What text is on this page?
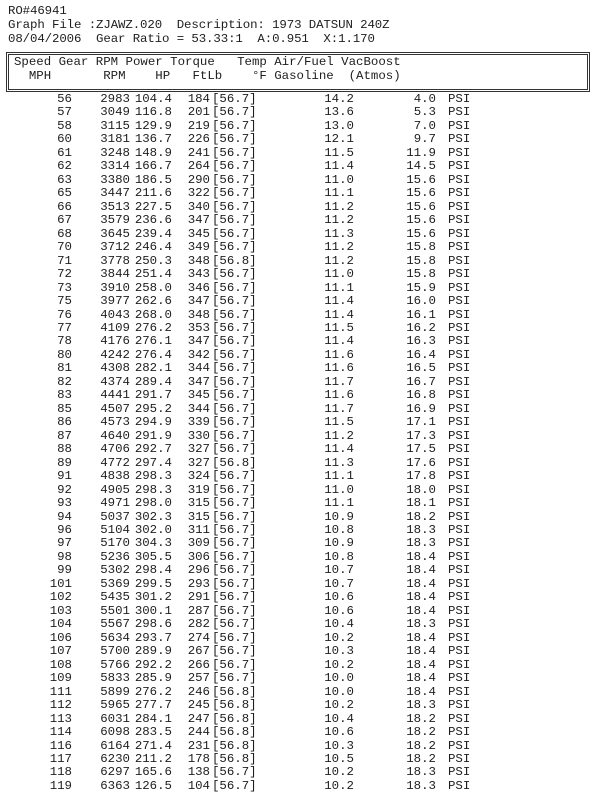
RO#46941
Graph File :ZJAWZ.020  Description: 1973 DATSUN 240Z
08/04/2006  Gear Ratio = 53.33:1  A:0.951  X:1.170
Speed Gear RPM Power Torque   Temp Air/Fuel VacBoost
MPH       RPM    HP   FtLb    °F Gasoline  (Atmos)
56	2983 104.4	184 [56.7]	14.2	4.0 PSI
57	3049 116.8	201 [56.7]	13.6	5.3 PSI
58	3115 129.9	219 [56.7]	13.0	7.0 PSI
60	3181 136.7	226 [56.7]	12.1	9.7 PSI
61	3248 148.9	241 [56.7]	11.5	11.9 PSI
62	3314 166.7	264 [56.7]	11.4	14.5 PSI
63	3380 186.5	290 [56.7]	11.0	15.6 PSI
65	3447 211.6	322 [56.7]	11.1	15.6 PSI
66	3513 227.5	340 [56.7]	11.2	15.6 PSI
67	3579 236.6	347 [56.7]	11.2	15.6 PSI
68	3645 239.4	345 [56.7]	11.3	15.6 PSI
70	3712 246.4	349 [56.7]	11.2	15.8 PSI
71	3778 250.3	348 [56.8]	11.2	15.8 PSI
72	3844 251.4	343 [56.7]	11.0	15.8 PSI
73	3910 258.0	346 [56.7]	11.1	15.9 PSI
75	3977 262.6	347 [56.7]	11.4	16.0 PSI
76	4043 268.0	348 [56.7]	11.4	16.1 PSI
77	4109 276.2	353 [56.7]	11.5	16.2 PSI
78	4176 276.1	347 [56.7]	11.4	16.3 PSI
80	4242 276.4	342 [56.7]	11.6	16.4 PSI
81	4308 282.1	344 [56.7]	11.6	16.5 PSI
82	4374 289.4	347 [56.7]	11.7	16.7 PSI
83	4441 291.7	345 [56.7]	11.6	16.8 PSI
85	4507 295.2	344 [56.7]	11.7	16.9 PSI
86	4573 294.9	339 [56.7]	11.5	17.1 PSI
87	4640 291.9	330 [56.7]	11.2	17.3 PSI
88	4706 292.7	327 [56.7]	11.4	17.5 PSI
89	4772 297.4	327 [56.8]	11.3	17.6 PSI
91	4838 298.3	324 [56.7]	11.1	17.8 PSI
92	4905 298.3	319 [56.7]	11.0	18.0 PSI
93	4971 298.0	315 [56.7]	11.1	18.1 PSI
94	5037 302.3	315 [56.7]	10.9	18.2 PSI
96	5104 302.0	311 [56.7]	10.8	18.3 PSI
97	5170 304.3	309 [56.7]	10.9	18.3 PSI
98	5236 305.5	306 [56.7]	10.8	18.4 PSI
99	5302 298.4	296 [56.7]	10.7	18.4 PSI
101	5369 299.5	293 [56.7]	10.7	18.4 PSI
102	5435 301.2	291 [56.7]	10.6	18.4 PSI
103	5501 300.1	287 [56.7]	10.6	18.4 PSI
104	5567 298.6	282 [56.7]	10.4	18.3 PSI
106	5634 293.7	274 [56.7]	10.2	18.4 PSI
107	5700 289.9	267 [56.7]	10.3	18.4 PSI
108	5766 292.2	266 [56.7]	10.2	18.4 PSI
109	5833 285.9	257 [56.7]	10.0	18.4 PSI
111	5899 276.2	246 [56.8]	10.0	18.4 PSI
112	5965 277.7	245 [56.8]	10.2	18.3 PSI
113	6031 284.1	247 [56.8]	10.4	18.2 PSI
114	6098 283.5	244 [56.8]	10.6	18.2 PSI
116	6164 271.4	231 [56.8]	10.3	18.2 PSI
117	6230 211.2	178 [56.8]	10.5	18.2 PSI
118	6297 165.6	138 [56.7]	10.2	18.3 PSI
119	6363 126.5	104 [56.7]	10.2	18.3 PSI
